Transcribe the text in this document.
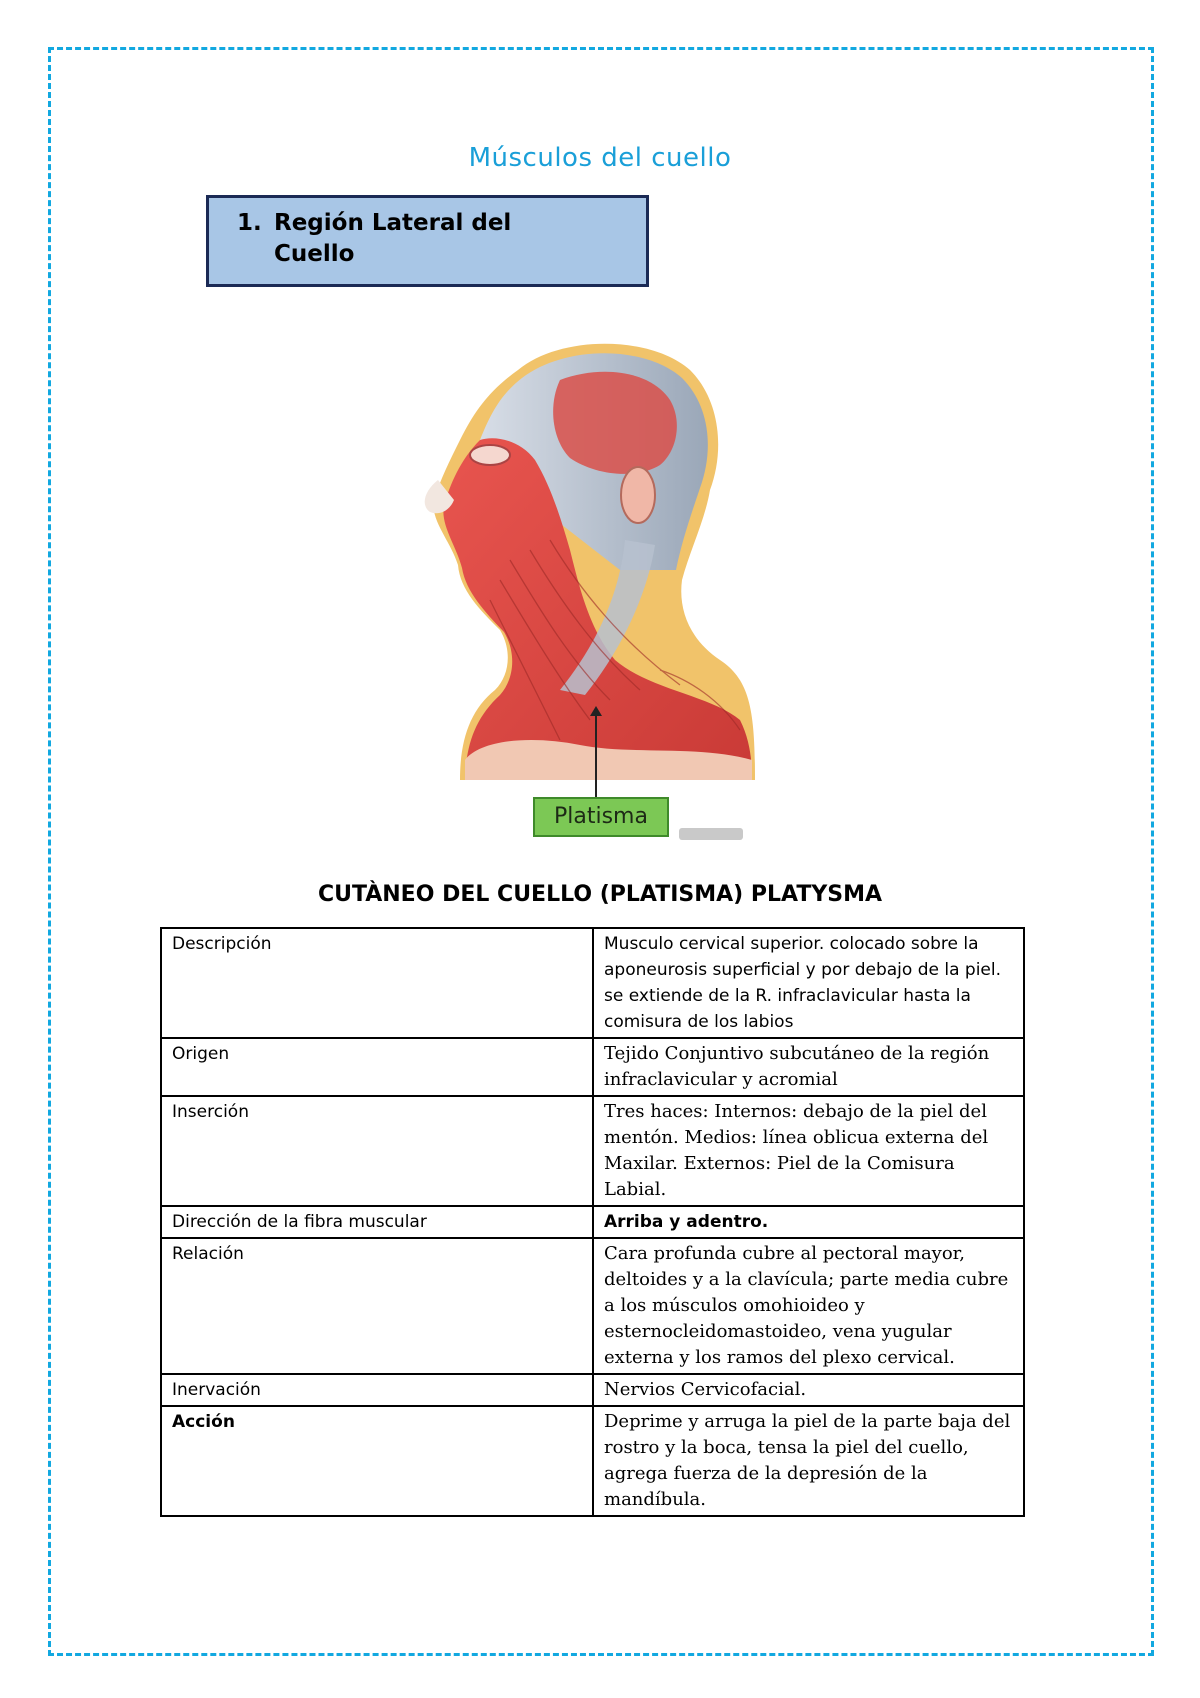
Músculos del cuello
1. Región Lateral del Cuello
Platisma
CUTÀNEO DEL CUELLO (PLATISMA) PLATYSMA
Descripción	Musculo cervical superior. colocado sobre la aponeurosis superficial y por debajo de la piel. se extiende de la R. infraclavicular hasta la comisura de los labios
Origen	Tejido Conjuntivo subcutáneo de la región infraclavicular y acromial
Inserción	Tres haces: Internos: debajo de la piel del mentón. Medios: línea oblicua externa del Maxilar. Externos: Piel de la Comisura Labial.
Dirección de la fibra muscular	Arriba y adentro.
Relación	Cara profunda cubre al pectoral mayor, deltoides y a la clavícula; parte media cubre a los músculos omohioideo y esternocleidomastoideo, vena yugular externa y los ramos del plexo cervical.
Inervación	Nervios Cervicofacial.
Acción	Deprime y arruga la piel de la parte baja del rostro y la boca, tensa la piel del cuello, agrega fuerza de la depresión de la mandíbula.
